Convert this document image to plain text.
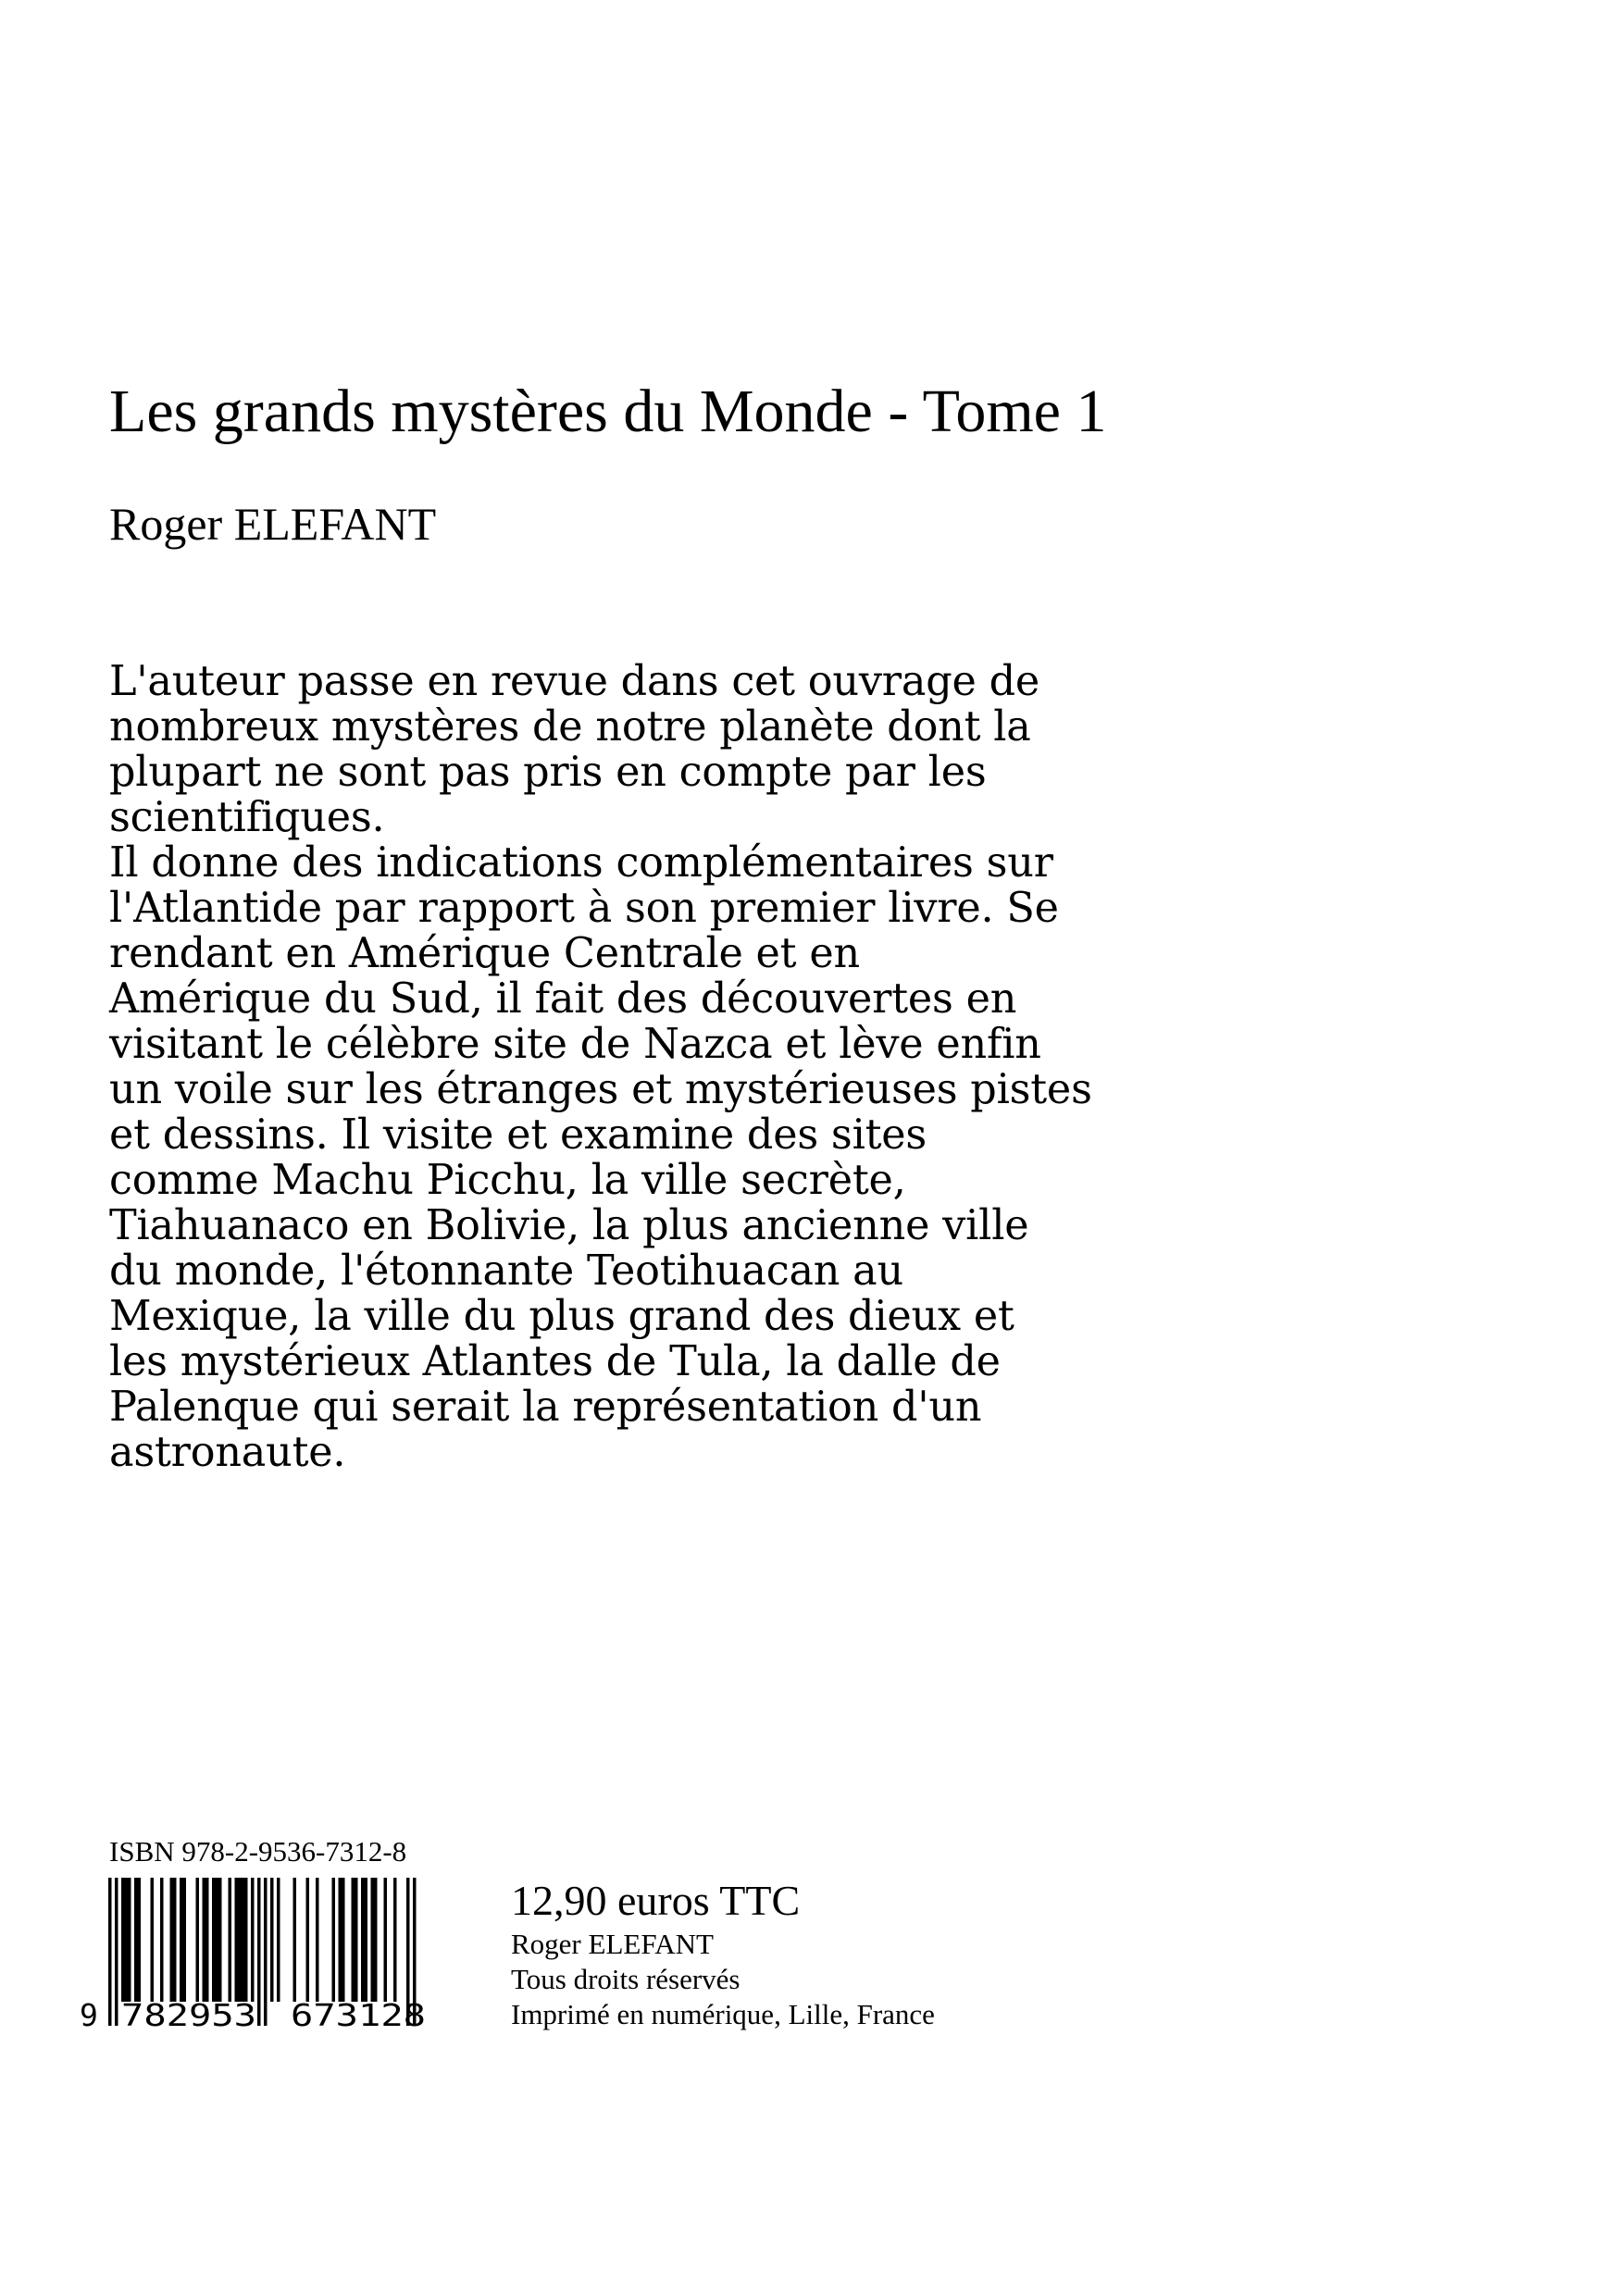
Les grands mystères du Monde - Tome 1
Roger ELEFANT
L'auteur passe en revue dans cet ouvrage de
nombreux mystères de notre planète dont la
plupart ne sont pas pris en compte par les
scientifiques.
Il donne des indications complémentaires sur
l'Atlantide par rapport à son premier livre. Se
rendant en Amérique Centrale et en
Amérique du Sud, il fait des découvertes en
visitant le célèbre site de Nazca et lève enfin
un voile sur les étranges et mystérieuses pistes
et dessins. Il visite et examine des sites
comme Machu Picchu, la ville secrète,
Tiahuanaco en Bolivie, la plus ancienne ville
du monde, l'étonnante Teotihuacan au
Mexique, la ville du plus grand des dieux et
les mystérieux Atlantes de Tula, la dalle de
Palenque qui serait la représentation d'un
astronaute.
ISBN 978-2-9536-7312-8
9 782953 673128
12,90 euros TTC
Roger ELEFANT
Tous droits réservés
Imprimé en numérique, Lille, France
